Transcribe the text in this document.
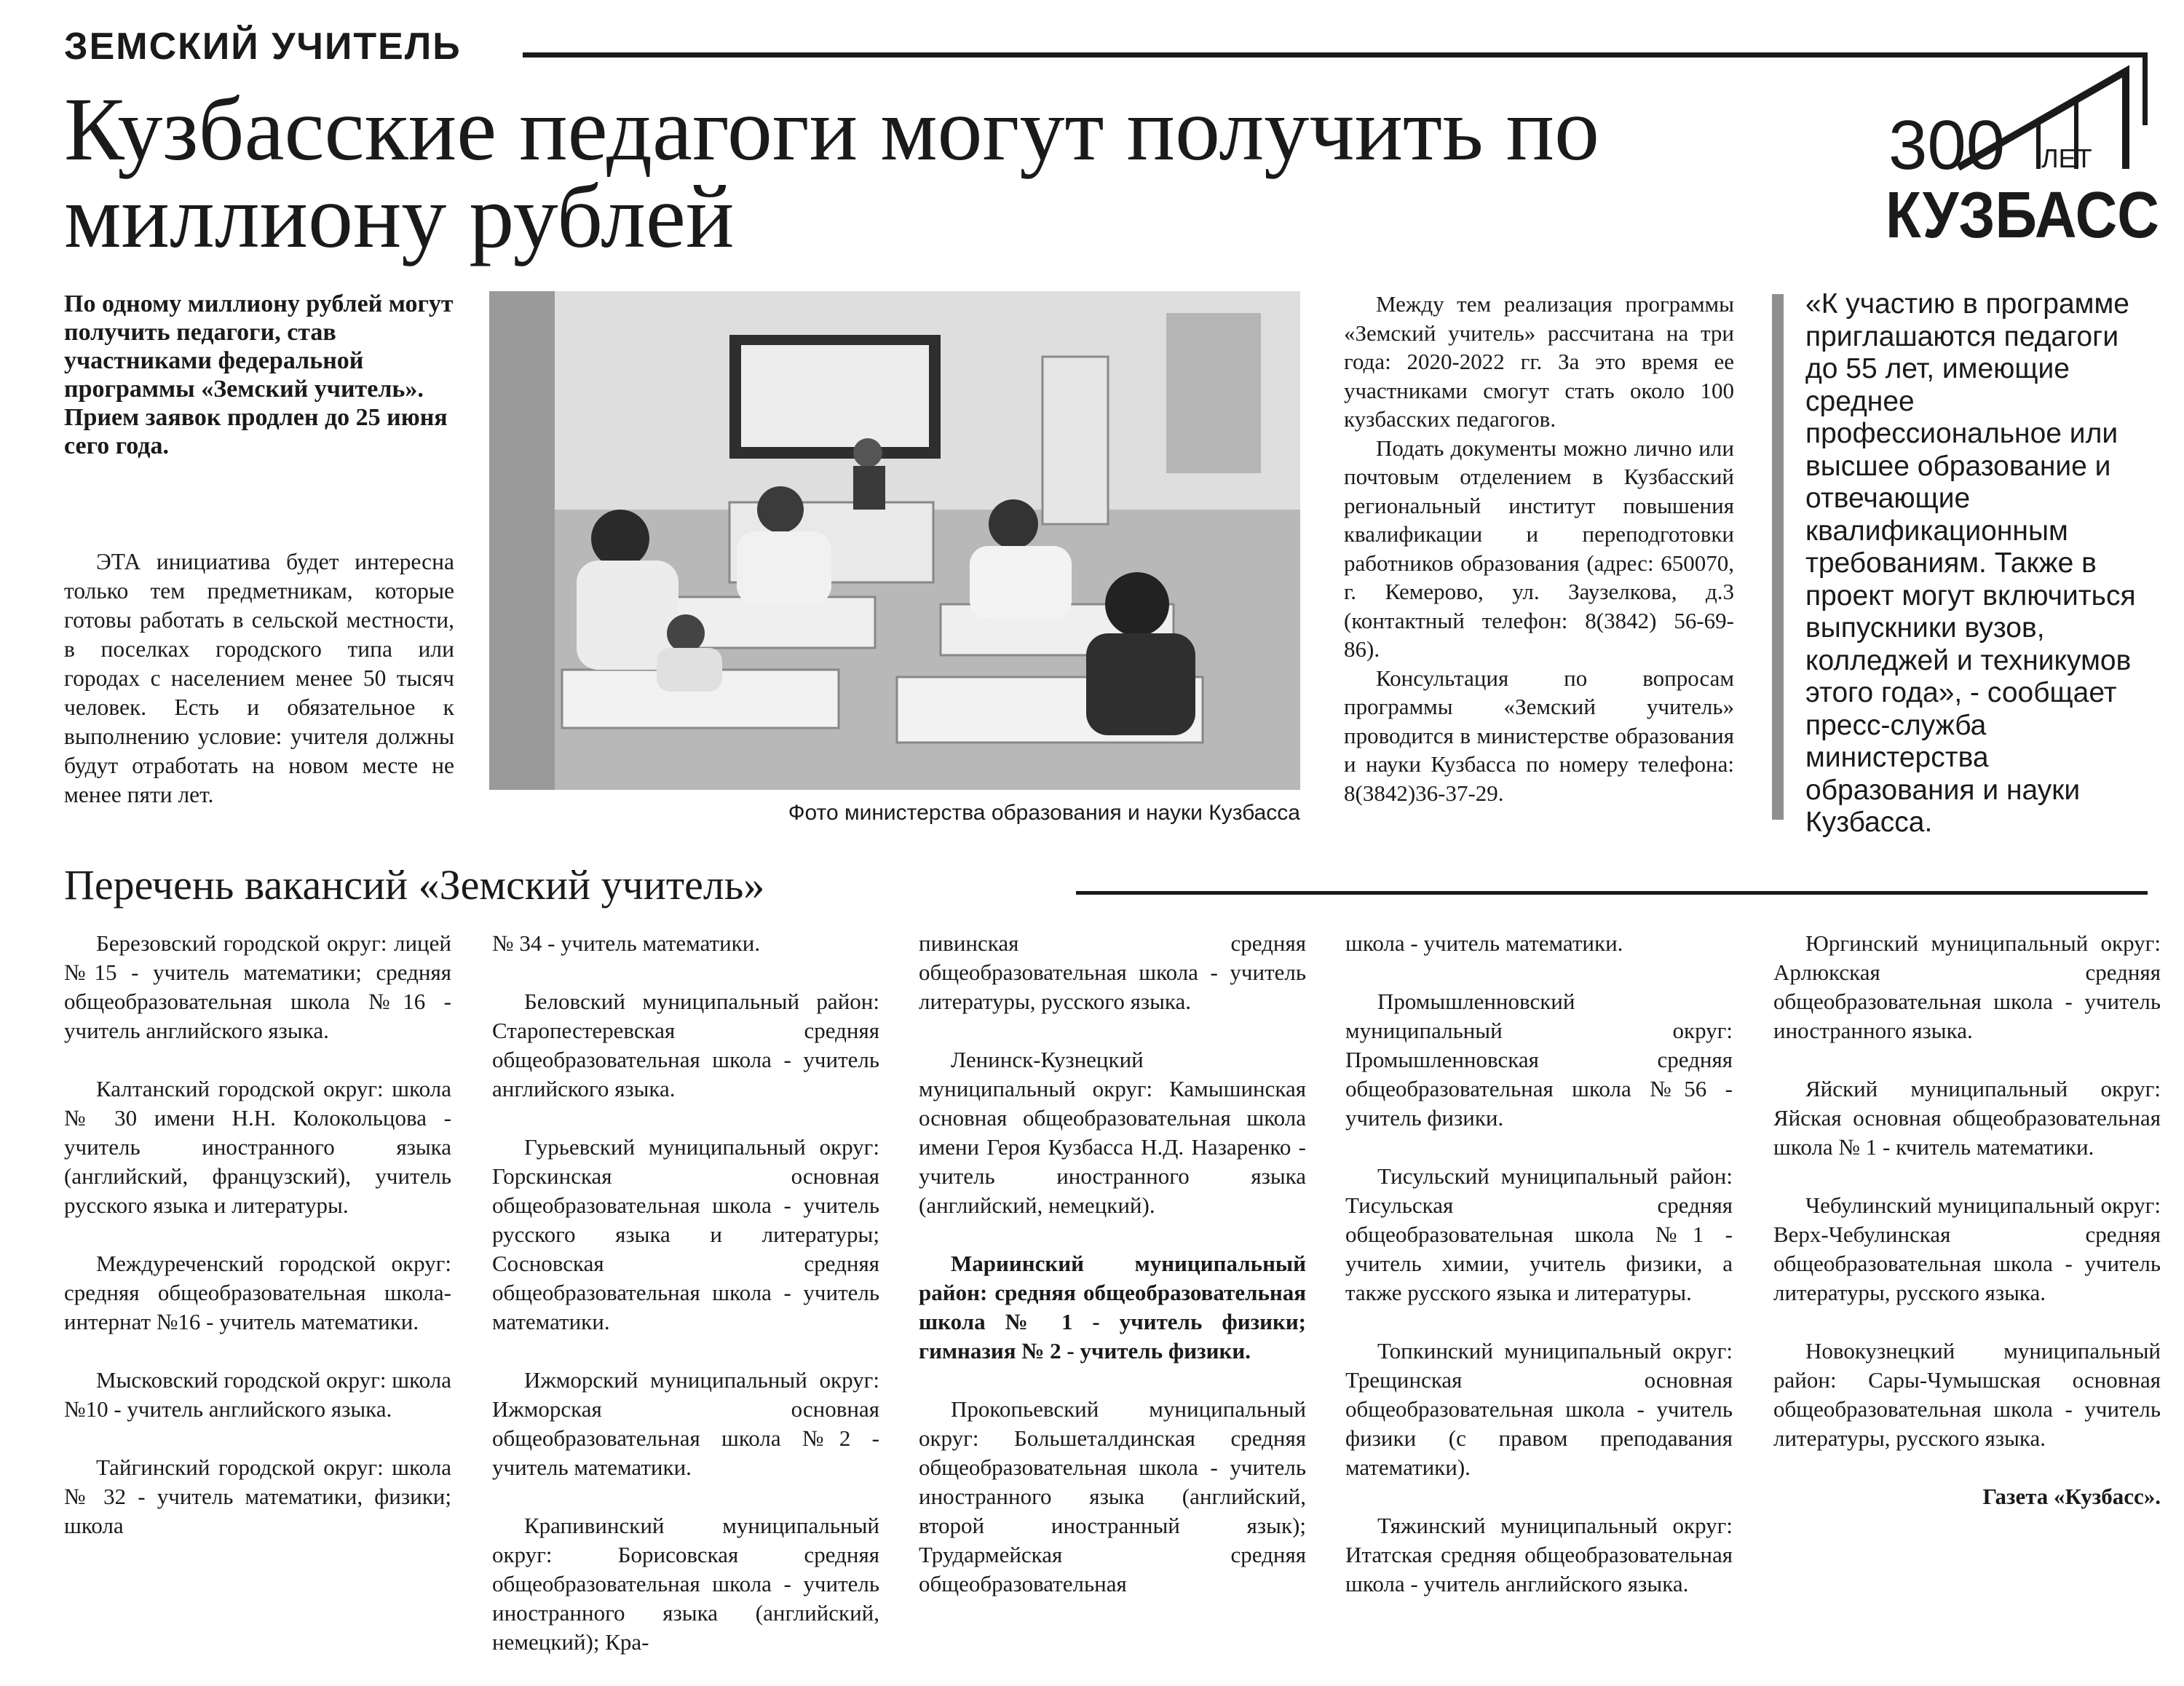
ЗЕМСКИЙ УЧИТЕЛЬ
Кузбасские педагоги могут получить по миллиону рублей
300 ЛЕТ
КУЗБАСС
По одному миллиону рублей могут получить педагоги, став участниками федеральной программы «Земский учитель». Прием заявок продлен до 25 июня сего года.

ЭТА инициатива будет интересна только тем предметникам, которые готовы работать в сельской местности, в поселках городского типа или городах с населением менее 50 тысяч человек. Есть и обязательное к выполнению условие: учителя должны будут отработать на новом месте не менее пяти лет.

Фото министерства образования и науки Кузбасса

Между тем реализация программы «Земский учитель» рассчитана на три года: 2020-2022 гг. За это время ее участниками смогут стать около 100 кузбасских педагогов.

Подать документы можно лично или почтовым отделением в Кузбасский региональный институт повышения квалификации и переподготовки работников образования (адрес: 650070, г. Кемерово, ул. Заузелкова, д.3 (контактный телефон: 8(3842) 56-69-86).

Консультация по вопросам программы «Земский учитель» проводится в министерстве образования и науки Кузбасса по номеру телефона: 8(3842)36-37-29.

«К участию в программе приглашаются педагоги до 55 лет, имеющие среднее профессиональное или высшее образование и отвечающие квалификационным требованиям. Также в проект могут включиться выпускники вузов, колледжей и техникумов этого года», - сообщает пресс-служба министерства образования и науки Кузбасса.
Перечень вакансий «Земский учитель»

Березовский городской округ: лицей №15 - учитель математики; средняя общеобразовательная школа №16 - учитель английского языка.

Калтанский городской округ: школа № 30 имени Н.Н. Колокольцова - учитель иностранного языка (английский, французский), учитель русского языка и литературы.

Междуреченский городской округ: средняя общеобразовательная школа-интернат №16 - учитель математики.

Мысковский городской округ: школа №10 - учитель английского языка.

Тайгинский городской округ: школа № 32 - учитель математики, физики; школа

№ 34 - учитель математики.

Беловский муниципальный район: Старопестеревская средняя общеобразовательная школа - учитель английского языка.

Гурьевский муниципальный округ: Горскинская основная общеобразовательная школа - учитель русского языка и литературы; Сосновская средняя общеобразовательная школа - учитель математики.

Ижморский муниципальный округ: Ижморская основная общеобразовательная школа №2 - учитель математики.

Крапивинский муниципальный округ: Борисовская средняя общеобразовательная школа - учитель иностранного языка (английский, немецкий); Кра-

пивинская средняя общеобразовательная школа - учитель литературы, русского языка.

Ленинск-Кузнецкий муниципальный округ: Камышинская основная общеобразовательная школа имени Героя Кузбасса Н.Д. Назаренко - учитель иностранного языка (английский, немецкий).

Мариинский муниципальный район: средняя общеобразовательная школа № 1 - учитель физики; гимназия № 2 - учитель физики.

Прокопьевский муниципальный округ: Большеталдинская средняя общеобразовательная школа - учитель иностранного языка (английский, второй иностранный язык); Трудармейская средняя общеобразовательная

школа - учитель математики.

Промышленновский муниципальный округ: Промышленновская средняя общеобразовательная школа №56 - учитель физики.

Тисульский муниципальный район: Тисульская средняя общеобразовательная школа №1 - учитель химии, учитель физики, а также русского языка и литературы.

Топкинский муниципальный округ: Трещинская основная общеобразовательная школа - учитель физики (с правом преподавания математики).

Тяжинский муниципальный округ: Итатская средняя общеобразовательная школа - учитель английского языка.

Юргинский муниципальный округ: Арлюкская средняя общеобразовательная школа - учитель иностранного языка.

Яйский муниципальный округ: Яйская основная общеобразовательная школа № 1 - кчитель математики.

Чебулинский муниципальный округ: Верх-Чебулинская средняя общеобразовательная школа - учитель литературы, русского языка.

Новокузнецкий муниципальный район: Сары-Чумышская основная общеобразовательная школа - учитель литературы, русского языка.

Газета «Кузбасс».
